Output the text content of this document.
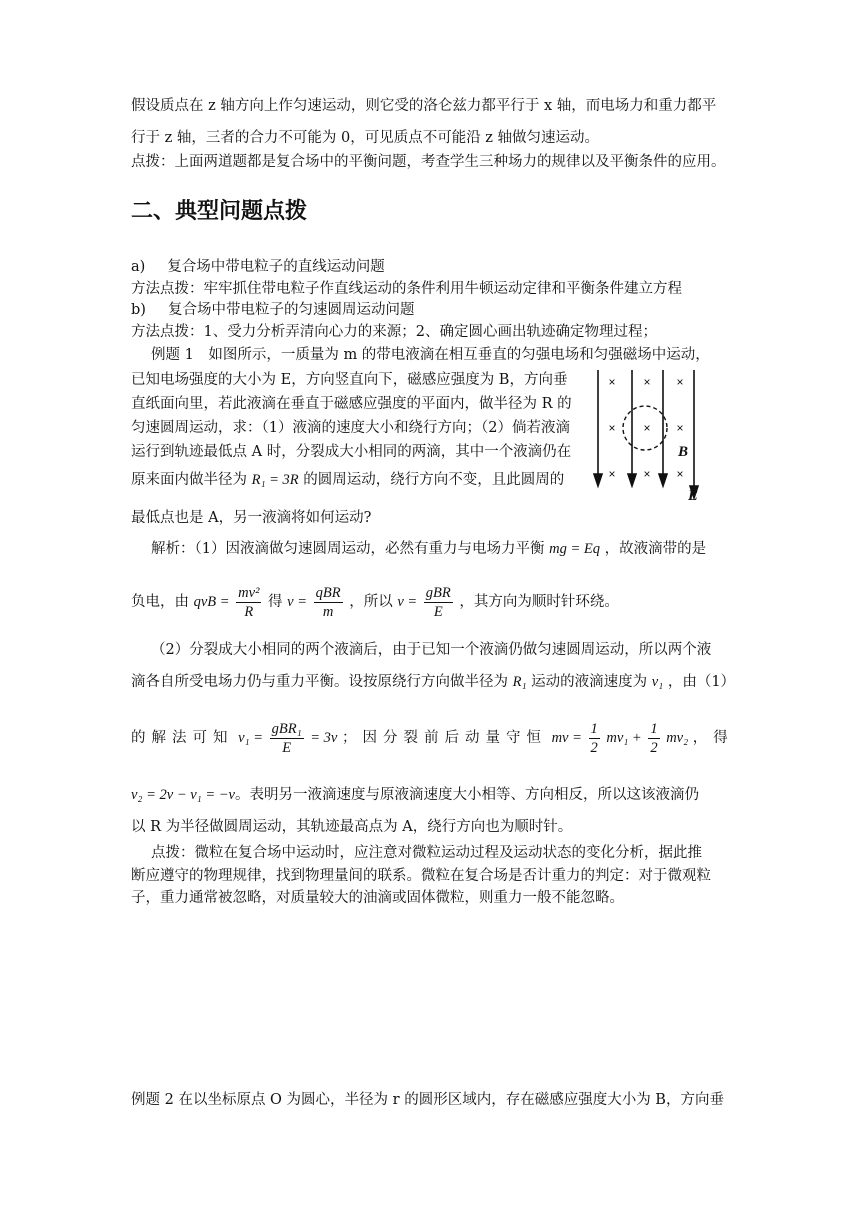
假设质点在 z 轴方向上作匀速运动，则它受的洛仑兹力都平行于 x 轴，而电场力和重力都平
行于 z 轴，三者的合力不可能为 0，可见质点不可能沿 z 轴做匀速运动。
点拨：上面两道题都是复合场中的平衡问题，考查学生三种场力的规律以及平衡条件的应用。
二、典型问题点拨
a) 复合场中带电粒子的直线运动问题
方法点拨：牢牢抓住带电粒子作直线运动的条件利用牛顿运动定律和平衡条件建立方程
b) 复合场中带电粒子的匀速圆周运动问题
方法点拨：1、受力分析弄清向心力的来源；2、确定圆心画出轨迹确定物理过程；
例题 1　如图所示，一质量为 m 的带电液滴在相互垂直的匀强电场和匀强磁场中运动，
已知电场强度的大小为 E，方向竖直向下，磁感应强度为 B，方向垂
直纸面向里，若此液滴在垂直于磁感应强度的平面内，做半径为 R 的
匀速圆周运动，求：（1）液滴的速度大小和绕行方向；（2）倘若液滴
运行到轨迹最低点 A 时，分裂成大小相同的两滴，其中一个液滴仍在
原来面内做半径为 R₁ = 3R 的圆周运动，绕行方向不变，且此圆周的
最低点也是 A，另一液滴将如何运动?
解析：（1）因液滴做匀速圆周运动，必然有重力与电场力平衡 mg = Eq ，故液滴带的是
负电，由 qvB = $\frac{\text{mv²}}{R}$ 得 $v = \frac{\text{qBR}}{m}$ ，所以 $v = \frac{\text{gBR}}{E}$ ，其方向为顺时针环绕。
（2）分裂成大小相同的两个液滴后，由于已知一个液滴仍做匀速圆周运动，所以两个液
滴各自所受电场力仍与重力平衡。设按原绕行方向做半径为 R₁ 运动的液滴速度为 v₁ ，由（1）
的解法可知 $v_1 = \frac{\text{gBR₁}}{E} = 3v$ ；因分裂前后动量守恒 mv = $\frac{1}{2} mv_1 + \frac{1}{2} mv_2$ ，得
v₂ = 2v − v₁ = −v。表明另一液滴速度与原液滴速度大小相等、方向相反，所以这该液滴仍
以 R 为半径做圆周运动，其轨迹最高点为 A，绕行方向也为顺时针。
点拨：微粒在复合场中运动时，应注意对微粒运动过程及运动状态的变化分析，据此推
断应遵守的物理规律，找到物理量间的联系。微粒在复合场是否计重力的判定：对于微观粒
子，重力通常被忽略，对质量较大的油滴或固体微粒，则重力一般不能忽略。
例题 2 在以坐标原点 O 为圆心，半径为 r 的圆形区域内，存在磁感应强度大小为 B，方向垂
× × ×
× × ×
× × ×
B
E
